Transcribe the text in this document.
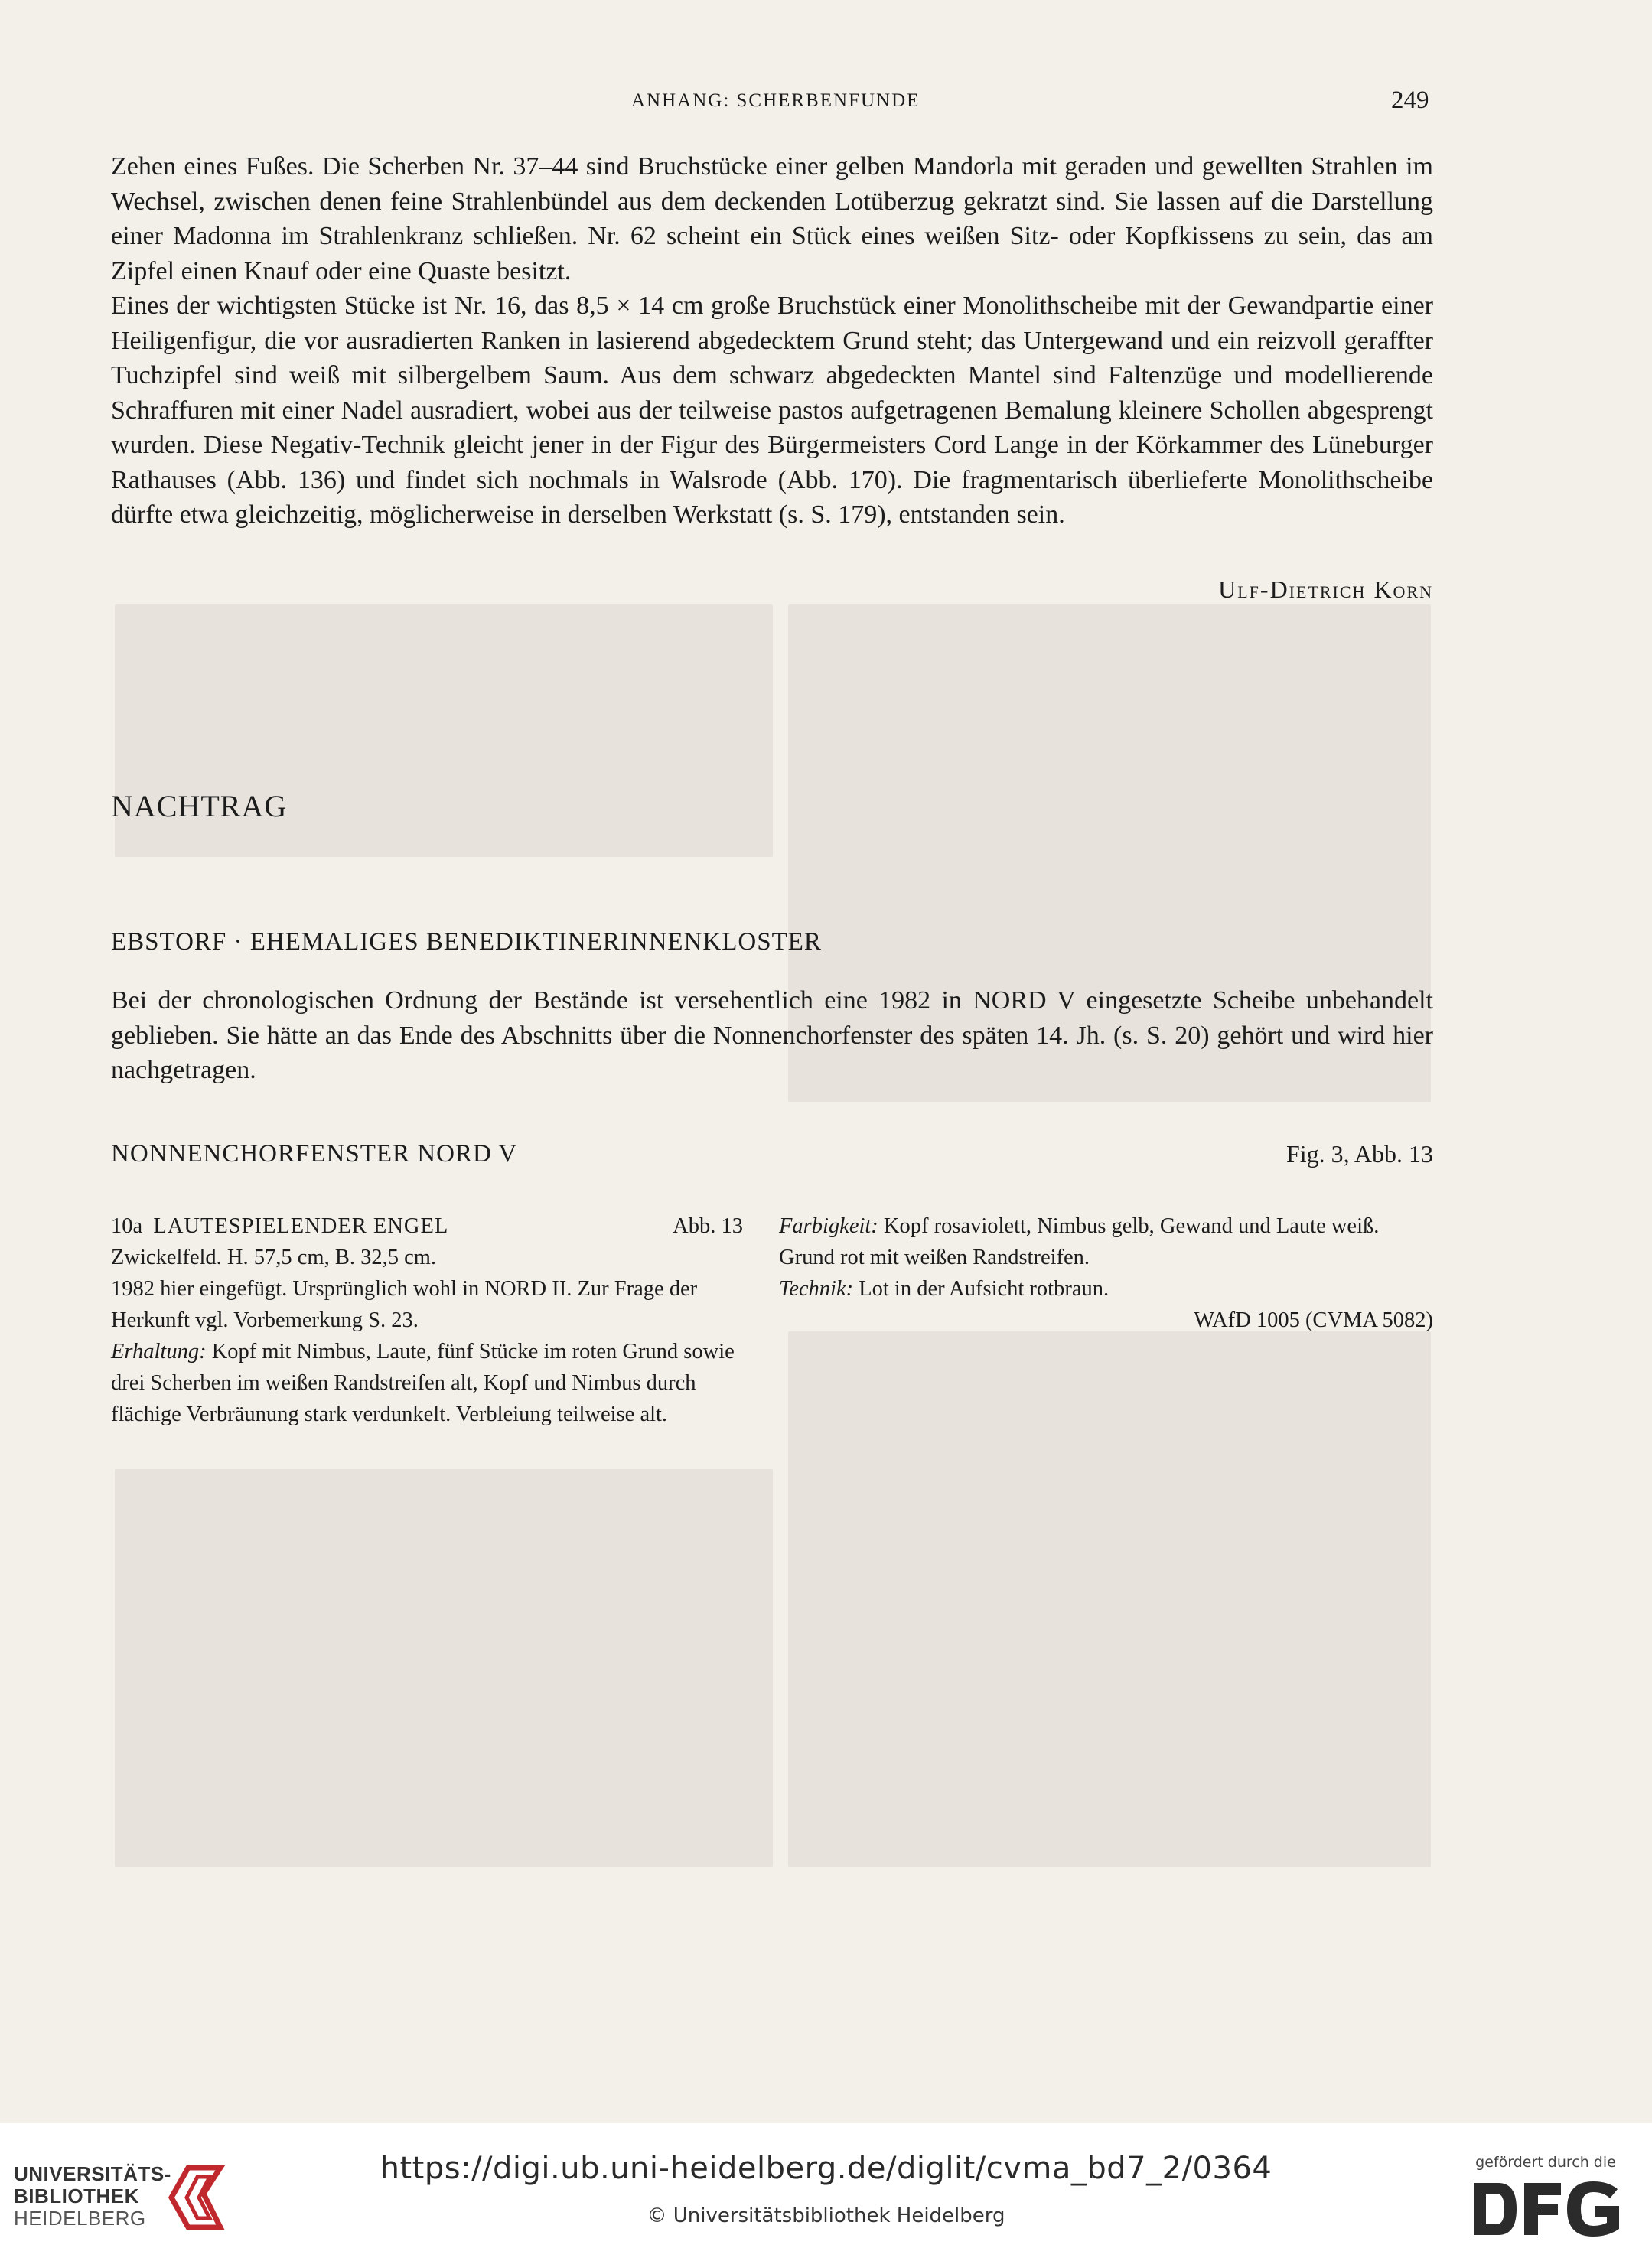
ANHANG: SCHERBENFUNDE	249

Zehen eines Fußes. Die Scherben Nr. 37–44 sind Bruchstücke einer gelben Mandorla mit geraden und gewellten Strahlen im Wechsel, zwischen denen feine Strahlenbündel aus dem deckenden Lotüberzug gekratzt sind. Sie lassen auf die Darstellung einer Madonna im Strahlenkranz schließen. Nr. 62 scheint ein Stück eines weißen Sitz- oder Kopfkissens zu sein, das am Zipfel einen Knauf oder eine Quaste besitzt.

Eines der wichtigsten Stücke ist Nr. 16, das 8,5 × 14 cm große Bruchstück einer Monolithscheibe mit der Gewandpartie einer Heiligenfigur, die vor ausradierten Ranken in lasierend abgedecktem Grund steht; das Untergewand und ein reizvoll geraffter Tuchzipfel sind weiß mit silbergelbem Saum. Aus dem schwarz abgedeckten Mantel sind Faltenzüge und modellierende Schraffuren mit einer Nadel ausradiert, wobei aus der teilweise pastos aufgetragenen Bemalung kleinere Schollen abgesprengt wurden. Diese Negativ-Technik gleicht jener in der Figur des Bürgermeisters Cord Lange in der Körkammer des Lüneburger Rathauses (Abb. 136) und findet sich nochmals in Walsrode (Abb. 170). Die fragmentarisch überlieferte Monolithscheibe dürfte etwa gleichzeitig, möglicherweise in derselben Werkstatt (s. S. 179), entstanden sein.

Ulf-Dietrich Korn
NACHTRAG
EBSTORF · EHEMALIGES BENEDIKTINERINNENKLOSTER

Bei der chronologischen Ordnung der Bestände ist versehentlich eine 1982 in NORD V eingesetzte Scheibe unbehandelt geblieben. Sie hätte an das Ende des Abschnitts über die Nonnenchorfenster des späten 14. Jh. (s. S. 20) gehört und wird hier nachgetragen.

NONNENCHORFENSTER NORD V	Fig. 3, Abb. 13
10a LAUTESPIELENDER ENGEL	Abb. 13

Zwickelfeld. H. 57,5 cm, B. 32,5 cm.

1982 hier eingefügt. Ursprünglich wohl in NORD II. Zur Frage der Herkunft vgl. Vorbemerkung S. 23.

Erhaltung: Kopf mit Nimbus, Laute, fünf Stücke im roten Grund sowie drei Scherben im weißen Randstreifen alt, Kopf und Nimbus durch flächige Verbräunung stark verdunkelt. Verbleiung teilweise alt.

Farbigkeit: Kopf rosaviolett, Nimbus gelb, Gewand und Laute weiß. Grund rot mit weißen Randstreifen.

Technik: Lot in der Aufsicht rotbraun.

WAfD 1005 (CVMA 5082)

UNIVERSITÄTS-
BIBLIOTHEK
HEIDELBERG
https://digi.ub.uni-heidelberg.de/diglit/cvma_bd7_2/0364
© Universitätsbibliothek Heidelberg
gefördert durch die
